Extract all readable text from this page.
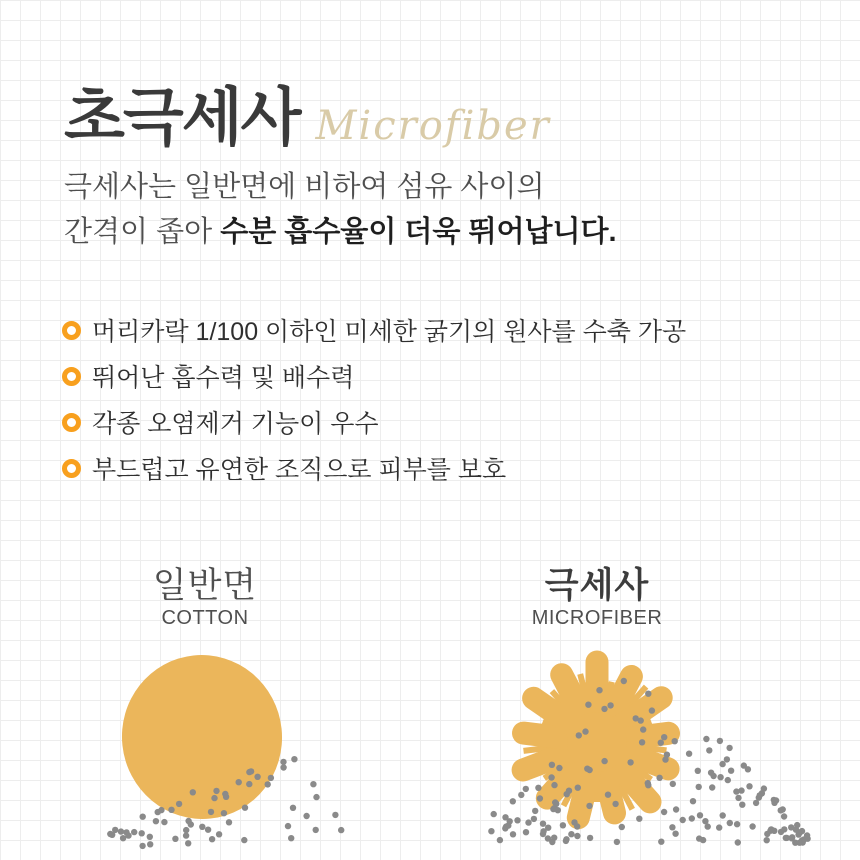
초극세사 Microfiber
극세사는 일반면에 비하여 섬유 사이의
간격이 좁아 수분 흡수율이 더욱 뛰어납니다.
머리카락 1/100 이하인 미세한 굵기의 원사를 수축 가공
뛰어난 흡수력 및 배수력
각종 오염제거 기능이 우수
부드럽고 유연한 조직으로 피부를 보호
일반면
COTTON
극세사
MICROFIBER
